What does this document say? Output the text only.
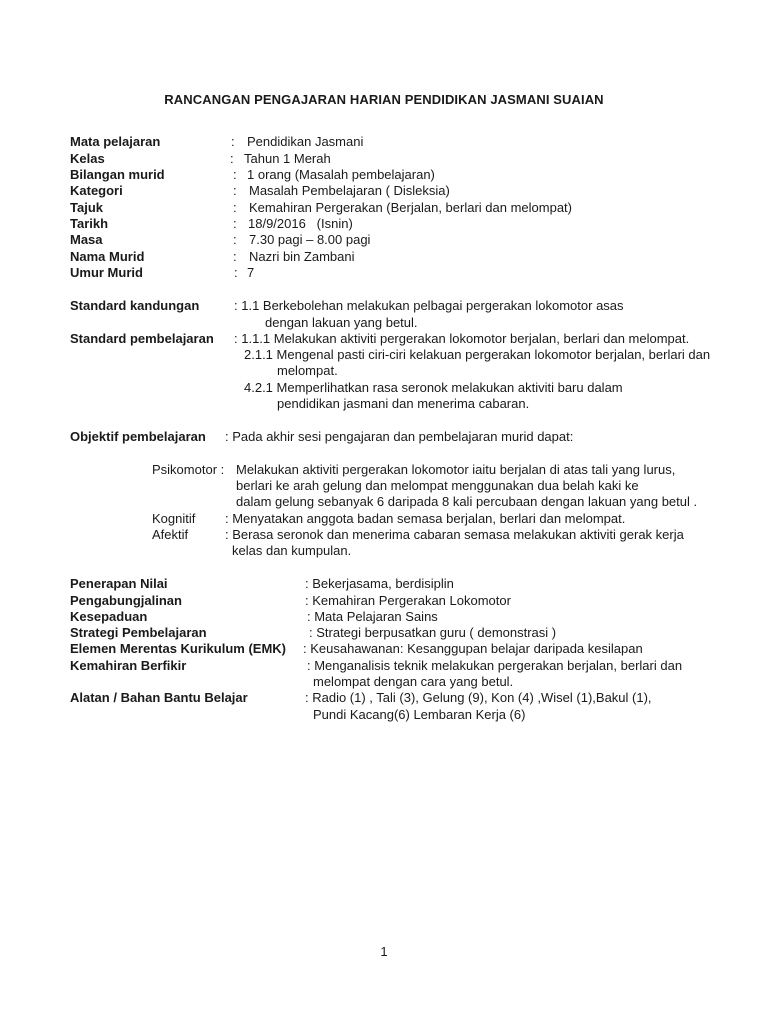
RANCANGAN PENGAJARAN HARIAN PENDIDIKAN JASMANI SUAIAN
Mata pelajaran	: Pendidikan Jasmani
Kelas	: Tahun 1 Merah
Bilangan murid	: 1 orang (Masalah pembelajaran)
Kategori	: Masalah Pembelajaran ( Disleksia)
Tajuk	: Kemahiran Pergerakan (Berjalan, berlari dan melompat)
Tarikh	: 18/9/2016   (Isnin)
Masa	: 7.30 pagi – 8.00 pagi
Nama Murid	: Nazri bin Zambani
Umur Murid	: 7
Standard kandungan	: 1.1 Berkebolehan melakukan pelbagai pergerakan lokomotor asas
dengan lakuan yang betul.
Standard pembelajaran : 1.1.1 Melakukan aktiviti pergerakan lokomotor berjalan, berlari dan melompat.
2.1.1 Mengenal pasti ciri-ciri kelakuan pergerakan lokomotor berjalan, berlari dan
melompat.
4.2.1 Memperlihatkan rasa seronok melakukan aktiviti baru dalam
pendidikan jasmani dan menerima cabaran.
Objektif pembelajaran : Pada akhir sesi pengajaran dan pembelajaran murid dapat:
Psikomotor : Melakukan aktiviti pergerakan lokomotor iaitu berjalan di atas tali yang lurus,
berlari ke arah gelung dan melompat menggunakan dua belah kaki ke
dalam gelung sebanyak 6 daripada 8 kali percubaan dengan lakuan yang betul .
Kognitif : Menyatakan anggota badan semasa berjalan, berlari dan melompat.
Afektif	: Berasa seronok dan menerima cabaran semasa melakukan aktiviti gerak kerja
kelas dan kumpulan.
Penerapan Nilai	: Bekerjasama, berdisiplin
Pengabungjalinan	: Kemahiran Pergerakan Lokomotor
Kesepaduan	: Mata Pelajaran Sains
Strategi Pembelajaran	: Strategi berpusatkan guru ( demonstrasi )
Elemen Merentas Kurikulum (EMK) : Keusahawanan: Kesanggupan belajar daripada kesilapan
Kemahiran Berfikir	: Menganalisis teknik melakukan pergerakan berjalan, berlari dan
melompat dengan cara yang betul.
Alatan / Bahan Bantu Belajar	: Radio (1) , Tali (3), Gelung (9), Kon (4) ,Wisel (1),Bakul (1),
Pundi Kacang(6) Lembaran Kerja (6)
1
